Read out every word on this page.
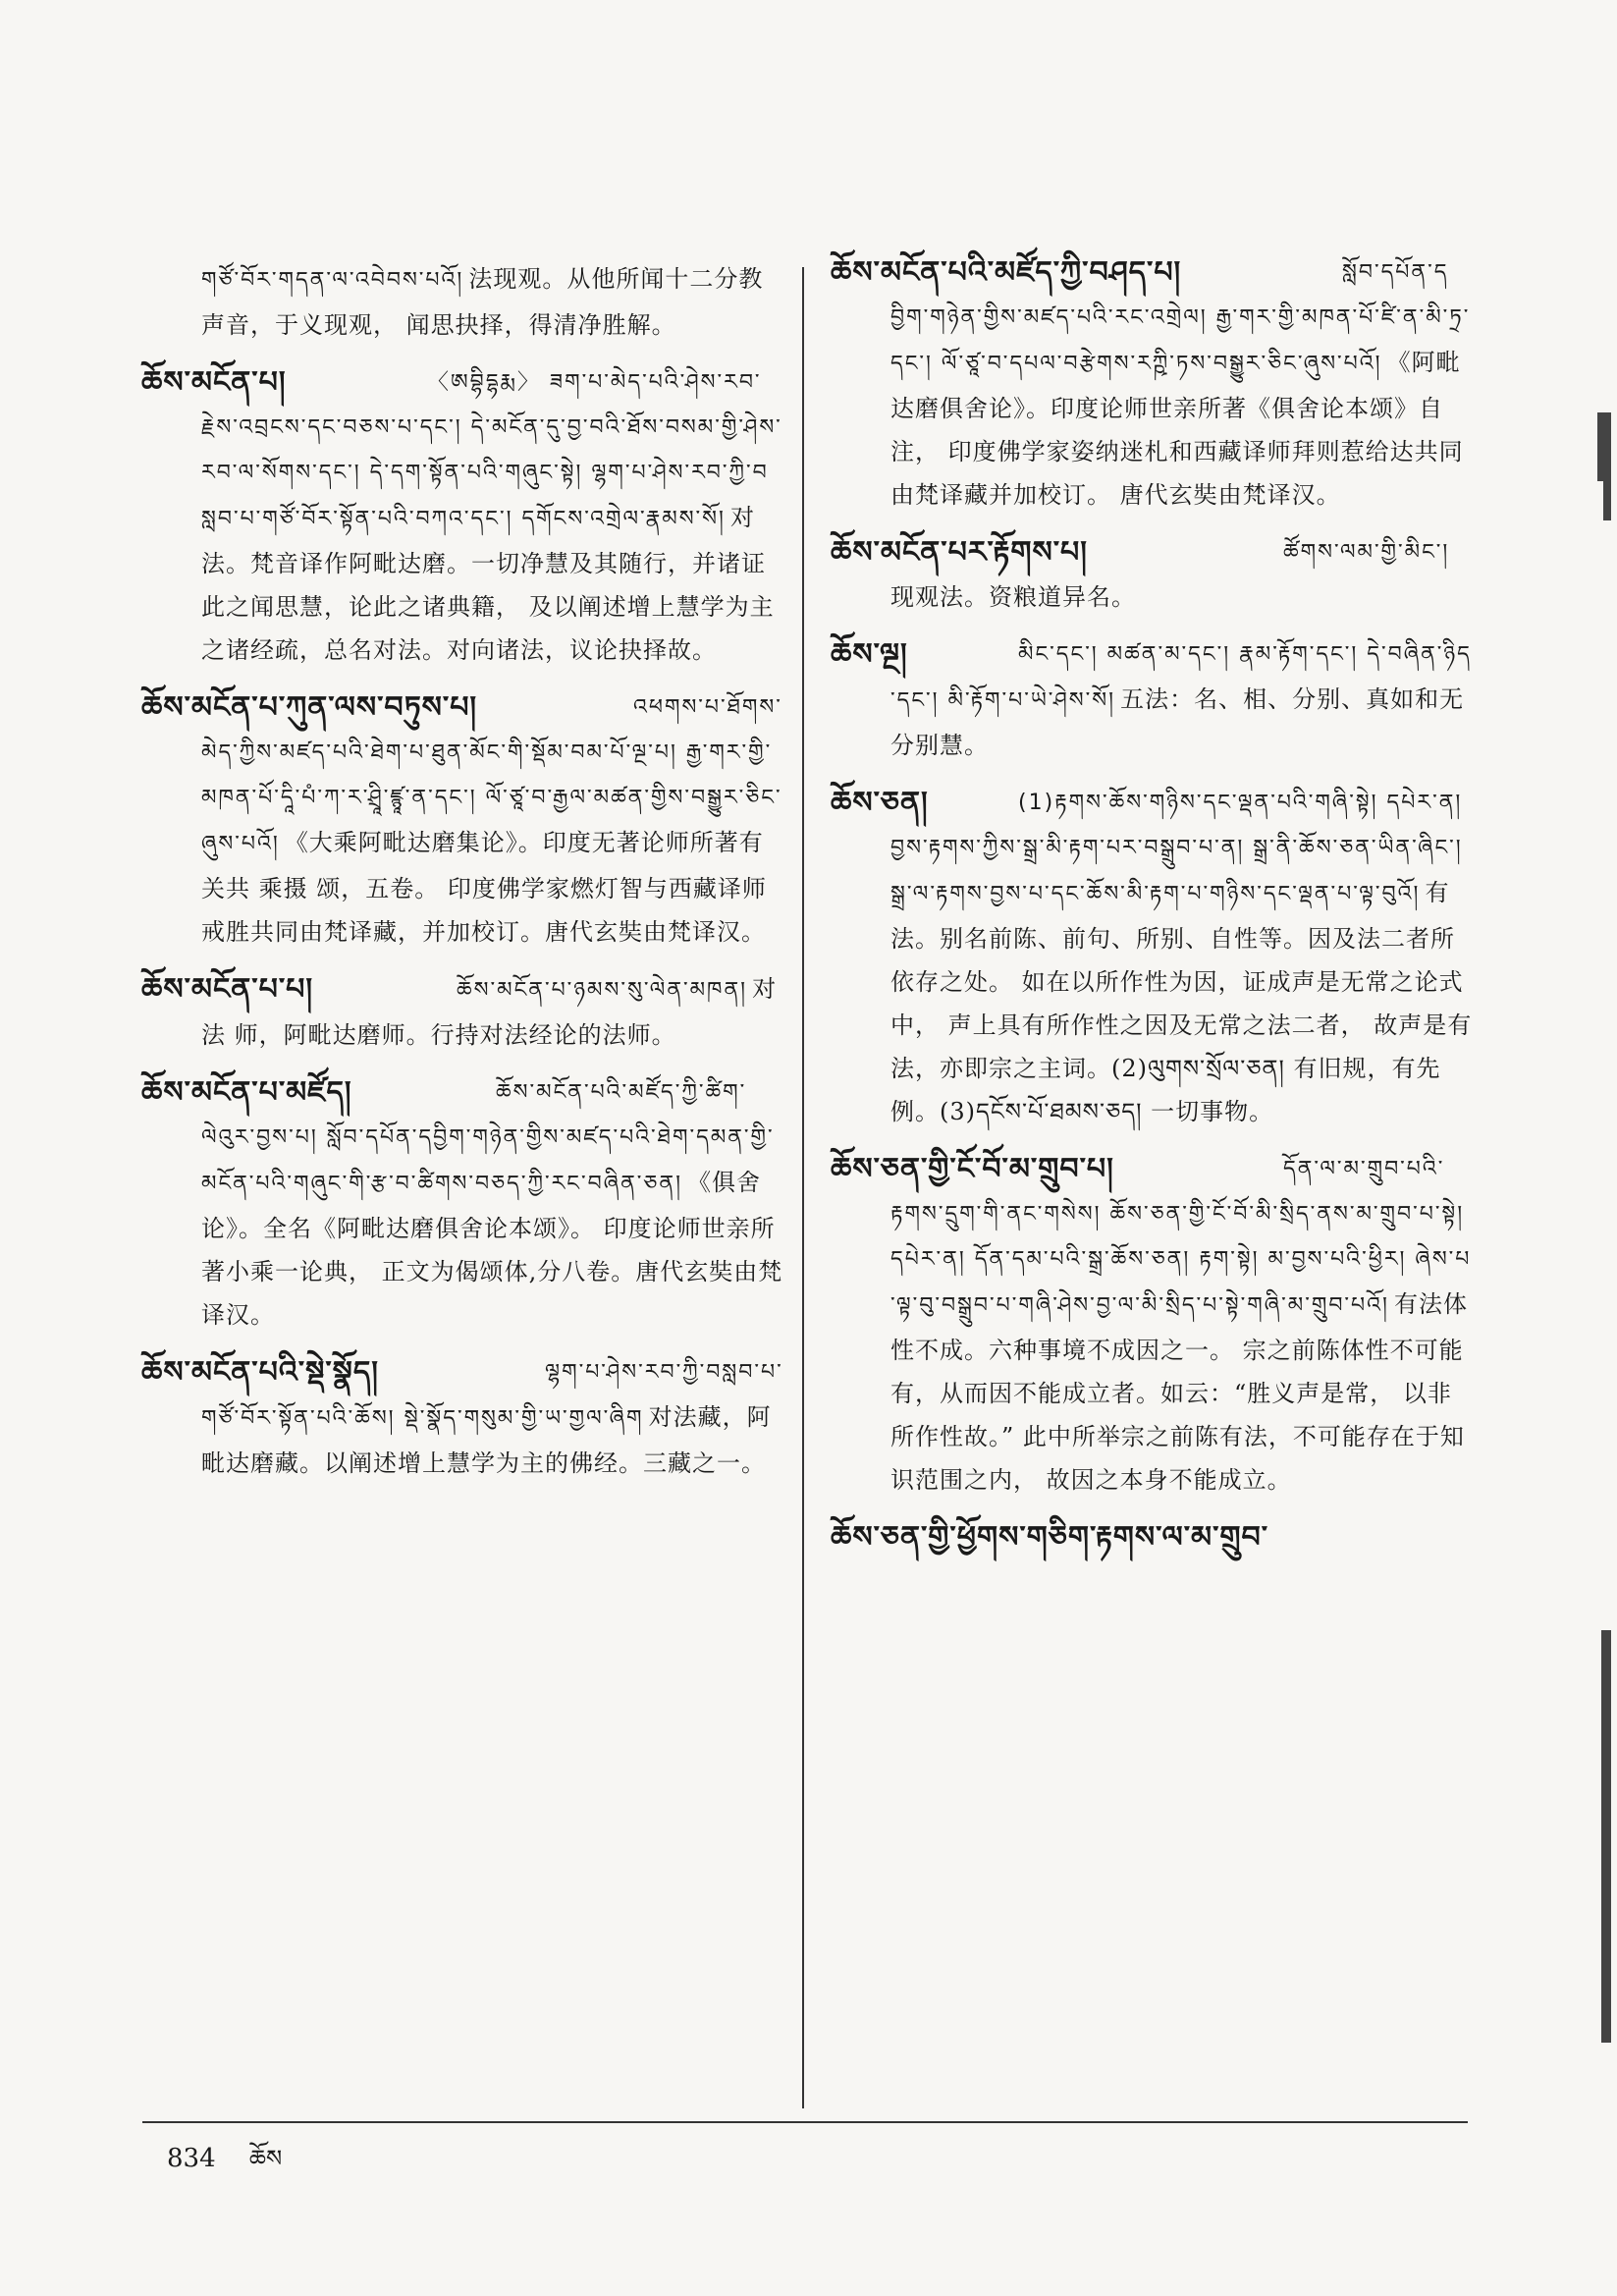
གཙོ་བོར་གདན་ལ་འབེབས་པའོ། 法现观。从他所闻十二分教声音，于义现观， 闻思抉择，得清净胜解。
ཆོས་མངོན་པ།	〈ཨབྷིདྷརྨ〉 ཟག་པ་མེད་པའི་ཤེས་རབ་རྗེས་འབྲངས་དང་བཅས་པ་དང་། དེ་མངོན་དུ་བྱ་བའི་ཐོས་བསམ་གྱི་ཤེས་རབ་ལ་སོགས་དང་། དེ་དག་སྟོན་པའི་གཞུང་སྟེ། ལྷག་པ་ཤེས་རབ་ཀྱི་བསླབ་པ་གཙོ་བོར་སྟོན་པའི་བཀའ་དང་། དགོངས་འགྲེལ་རྣམས་སོ། 对法。梵音译作阿毗达磨。一切净慧及其随行，并诸证此之闻思慧，论此之诸典籍， 及以阐述增上慧学为主之诸经疏，总名对法。对向诸法，议论抉择故。
ཆོས་མངོན་པ་ཀུན་ལས་བཏུས་པ།	འཕགས་པ་ཐོགས་མེད་ཀྱིས་མཛད་པའི་ཐེག་པ་ཐུན་མོང་གི་སྡོམ་བམ་པོ་ལྔ་པ། རྒྱ་གར་གྱི་མཁན་པོ་དཱི་པཾ་ཀ་ར་ཤྲཱི་ཛྙཱ་ན་དང་། ལོ་ཙཱ་བ་རྒྱལ་མཚན་གྱིས་བསྒྱུར་ཅིང་ཞུས་པའོ། 《大乘阿毗达磨集论》。印度无著论师所著有关共 乘摄 颂，五卷。 印度佛学家燃灯智与西藏译师戒胜共同由梵译藏，并加校订。唐代玄奘由梵译汉。
ཆོས་མངོན་པ་པ།	ཆོས་མངོན་པ་ཉམས་སུ་ལེན་མཁན། 对 法 师，阿毗达磨师。行持对法经论的法师。
ཆོས་མངོན་པ་མཛོད།	ཆོས་མངོན་པའི་མཛོད་ཀྱི་ཚིག་ལེའུར་བྱས་པ། སློབ་དཔོན་དབྱིག་གཉེན་གྱིས་མཛད་པའི་ཐེག་དམན་གྱི་མངོན་པའི་གཞུང་གི་རྩ་བ་ཚིགས་བཅད་ཀྱི་རང་བཞིན་ཅན། 《俱舍论》。全名《阿毗达磨俱舍论本颂》。 印度论师世亲所著小乘一论典， 正文为偈颂体,分八卷。唐代玄奘由梵译汉。
ཆོས་མངོན་པའི་སྡེ་སྣོད།	ལྷག་པ་ཤེས་རབ་ཀྱི་བསླབ་པ་གཙོ་བོར་སྟོན་པའི་ཆོས། སྡེ་སྣོད་གསུམ་གྱི་ཡ་གྱལ་ཞིག 对法藏，阿毗达磨藏。以阐述增上慧学为主的佛经。三藏之一。
ཆོས་མངོན་པའི་མཛོད་ཀྱི་བཤད་པ།	སློབ་དཔོན་དབྱིག་གཉེན་གྱིས་མཛད་པའི་རང་འགྲེལ། རྒྱ་གར་གྱི་མཁན་པོ་ཛི་ན་མི་ཏྲ་དང་། ལོ་ཙཱ་བ་དཔལ་བརྩེགས་རཀྵི་ཏས་བསྒྱུར་ཅིང་ཞུས་པའོ། 《阿毗达磨俱舍论》。印度论师世亲所著《俱舍论本颂》自注， 印度佛学家姿纳迷札和西藏译师拜则惹给达共同由梵译藏并加校订。 唐代玄奘由梵译汉。
ཆོས་མངོན་པར་རྟོགས་པ།	ཚོགས་ལམ་གྱི་མིང་། 现观法。资粮道异名。
ཆོས་ལྔ།	མིང་དང་། མཚན་མ་དང་། རྣམ་རྟོག་དང་། དེ་བཞིན་ཉིད་དང་། མི་རྟོག་པ་ཡེ་ཤེས་སོ། 五法：名、相、分别、真如和无分别慧。
ཆོས་ཅན།	(1)རྟགས་ཆོས་གཉིས་དང་ལྡན་པའི་གཞི་སྟེ། དཔེར་ན། བྱས་རྟགས་ཀྱིས་སྒྲ་མི་རྟག་པར་བསྒྲུབ་པ་ན། སྒྲ་ནི་ཆོས་ཅན་ཡིན་ཞིང་། སྒྲ་ལ་རྟགས་བྱས་པ་དང་ཆོས་མི་རྟག་པ་གཉིས་དང་ལྡན་པ་ལྟ་བུའོ། 有法。别名前陈、前句、所别、自性等。因及法二者所依存之处。 如在以所作性为因，证成声是无常之论式中， 声上具有所作性之因及无常之法二者， 故声是有法，亦即宗之主词。(2)ལུགས་སྲོལ་ཅན། 有旧规，有先例。(3)དངོས་པོ་ཐམས་ཅད། 一切事物。
ཆོས་ཅན་གྱི་ངོ་བོ་མ་གྲུབ་པ།	དོན་ལ་མ་གྲུབ་པའི་རྟགས་དྲུག་གི་ནང་གསེས། ཆོས་ཅན་གྱི་ངོ་བོ་མི་སྲིད་ནས་མ་གྲུབ་པ་སྟེ། དཔེར་ན། དོན་དམ་པའི་སྒྲ་ཆོས་ཅན། རྟག་སྟེ། མ་བྱས་པའི་ཕྱིར། ཞེས་པ་ལྟ་བུ་བསྒྲུབ་པ་གཞི་ཤེས་བྱ་ལ་མི་སྲིད་པ་སྟེ་གཞི་མ་གྲུབ་པའོ། 有法体性不成。六种事境不成因之一。 宗之前陈体性不可能有，从而因不能成立者。如云：“胜义声是常， 以非所作性故。” 此中所举宗之前陈有法，不可能存在于知识范围之内， 故因之本身不能成立。
ཆོས་ཅན་གྱི་ཕྱོགས་གཅིག་རྟགས་ལ་མ་གྲུབ་
834 ཆོས
